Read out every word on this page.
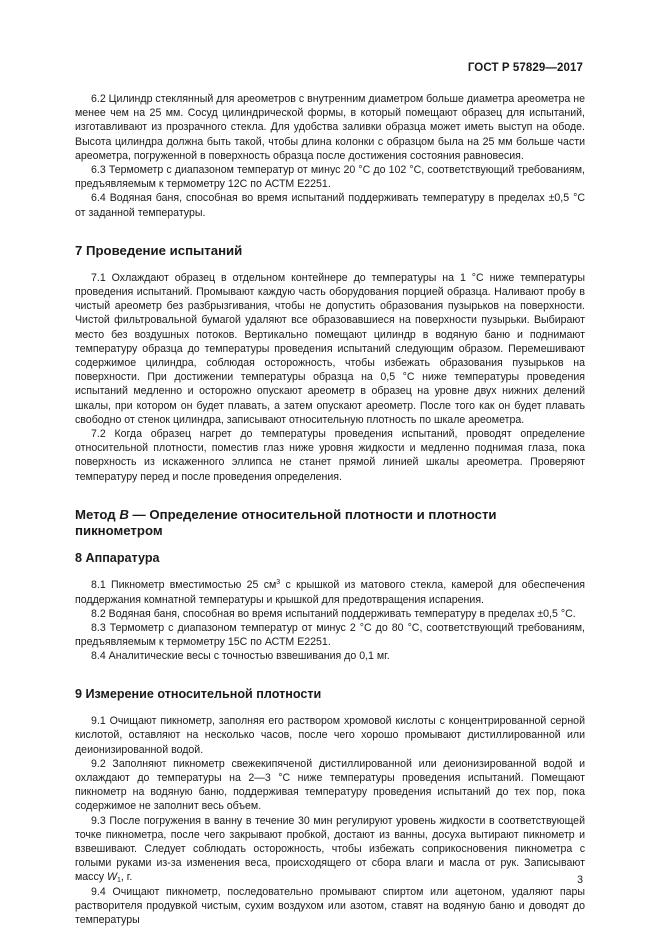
ГОСТ Р 57829—2017

6.2 Цилиндр стеклянный для ареометров с внутренним диаметром больше диаметра ареометра не менее чем на 25 мм. Сосуд цилиндрической формы, в который помещают образец для испытаний, изготавливают из прозрачного стекла. Для удобства заливки образца может иметь выступ на ободе. Высота цилиндра должна быть такой, чтобы длина колонки с образцом была на 25 мм больше части ареометра, погруженной в поверхность образца после достижения состояния равновесия.

6.3 Термометр с диапазоном температур от минус 20 °С до 102 °С, соответствующий требованиям, предъявляемым к термометру 12С по АСТМ Е2251.

6.4 Водяная баня, способная во время испытаний поддерживать температуру в пределах ±0,5 °С от заданной температуры.

7 Проведение испытаний

7.1 Охлаждают образец в отдельном контейнере до температуры на 1 °С ниже температуры проведения испытаний. Промывают каждую часть оборудования порцией образца. Наливают пробу в чистый ареометр без разбрызгивания, чтобы не допустить образования пузырьков на поверхности. Чистой фильтровальной бумагой удаляют все образовавшиеся на поверхности пузырьки. Выбирают место без воздушных потоков. Вертикально помещают цилиндр в водяную баню и поднимают температуру образца до температуры проведения испытаний следующим образом. Перемешивают содержимое цилиндра, соблюдая осторожность, чтобы избежать образования пузырьков на поверхности. При достижении температуры образца на 0,5 °С ниже температуры проведения испытаний медленно и осторожно опускают ареометр в образец на уровне двух нижних делений шкалы, при котором он будет плавать, а затем опускают ареометр. После того как он будет плавать свободно от стенок цилиндра, записывают относительную плотность по шкале ареометра.

7.2 Когда образец нагрет до температуры проведения испытаний, проводят определение относительной плотности, поместив глаз ниже уровня жидкости и медленно поднимая глаза, пока поверхность из искаженного эллипса не станет прямой линией шкалы ареометра. Проверяют температуру перед и после проведения определения.

Метод B — Определение относительной плотности и плотности пикнометром
8 Аппаратура

8.1 Пикнометр вместимостью 25 $см^3$ с крышкой из матового стекла, камерой для обеспечения поддержания комнатной температуры и крышкой для предотвращения испарения.

8.2 Водяная баня, способная во время испытаний поддерживать температуру в пределах ±0,5 °С.

8.3 Термометр с диапазоном температур от минус 2 °С до 80 °С, соответствующий требованиям, предъявляемым к термометру 15С по АСТМ Е2251.

8.4 Аналитические весы с точностью взвешивания до 0,1 мг.

9 Измерение относительной плотности

9.1 Очищают пикнометр, заполняя его раствором хромовой кислоты с концентрированной серной кислотой, оставляют на несколько часов, после чего хорошо промывают дистиллированной или деионизированной водой.

9.2 Заполняют пикнометр свежекипяченой дистиллированной или деионизированной водой и охлаждают до температуры на 2—3 °С ниже температуры проведения испытаний. Помещают пикнометр на водяную баню, поддерживая температуру проведения испытаний до тех пор, пока содержимое не заполнит весь объем.

9.3 После погружения в ванну в течение 30 мин регулируют уровень жидкости в соответствующей точке пикнометра, после чего закрывают пробкой, достают из ванны, досуха вытирают пикнометр и взвешивают. Следует соблюдать осторожность, чтобы избежать соприкосновения пикнометра с голыми руками из-за изменения веса, происходящего от сбора влаги и масла от рук. Записывают массу $W_1$, г.

9.4 Очищают пикнометр, последовательно промывают спиртом или ацетоном, удаляют пары растворителя продувкой чистым, сухим воздухом или азотом, ставят на водяную баню и доводят до температуры

3
